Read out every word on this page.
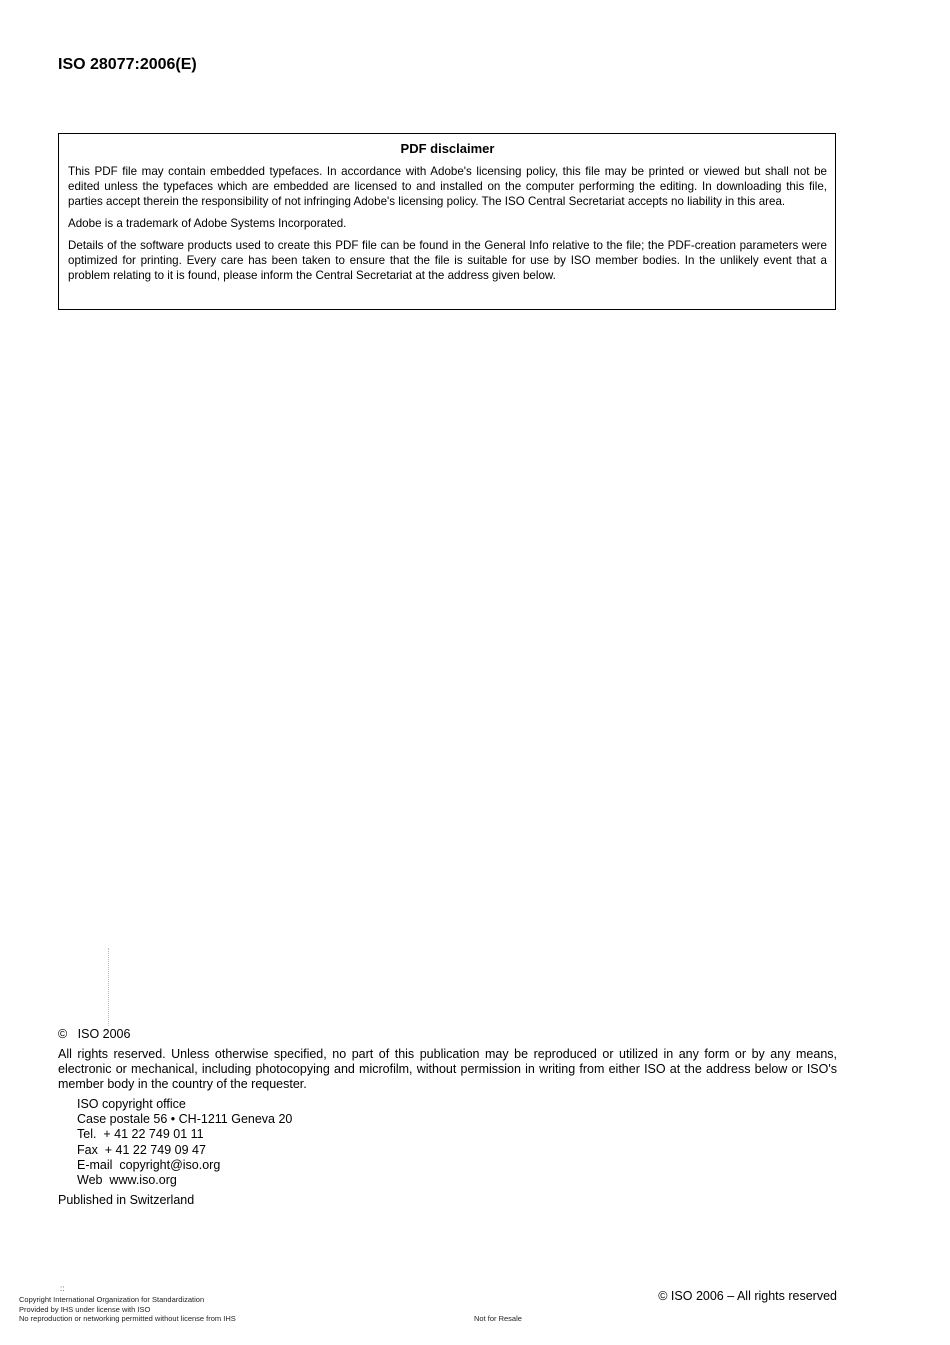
ISO 28077:2006(E)
PDF disclaimer

This PDF file may contain embedded typefaces. In accordance with Adobe's licensing policy, this file may be printed or viewed but shall not be edited unless the typefaces which are embedded are licensed to and installed on the computer performing the editing. In downloading this file, parties accept therein the responsibility of not infringing Adobe's licensing policy. The ISO Central Secretariat accepts no liability in this area.

Adobe is a trademark of Adobe Systems Incorporated.

Details of the software products used to create this PDF file can be found in the General Info relative to the file; the PDF-creation parameters were optimized for printing. Every care has been taken to ensure that the file is suitable for use by ISO member bodies. In the unlikely event that a problem relating to it is found, please inform the Central Secretariat at the address given below.

©   ISO 2006

All rights reserved. Unless otherwise specified, no part of this publication may be reproduced or utilized in any form or by any means, electronic or mechanical, including photocopying and microfilm, without permission in writing from either ISO at the address below or ISO's member body in the country of the requester.

ISO copyright office
Case postale 56 • CH-1211 Geneva 20
Tel.  + 41 22 749 01 11
Fax  + 41 22 749 09 47
E-mail  copyright@iso.org
Web  www.iso.org
Published in Switzerland
::
Copyright International Organization for Standardization
Provided by IHS under license with ISO
No reproduction or networking permitted without license from IHS	Not for Resale
© ISO 2006 – All rights reserved
